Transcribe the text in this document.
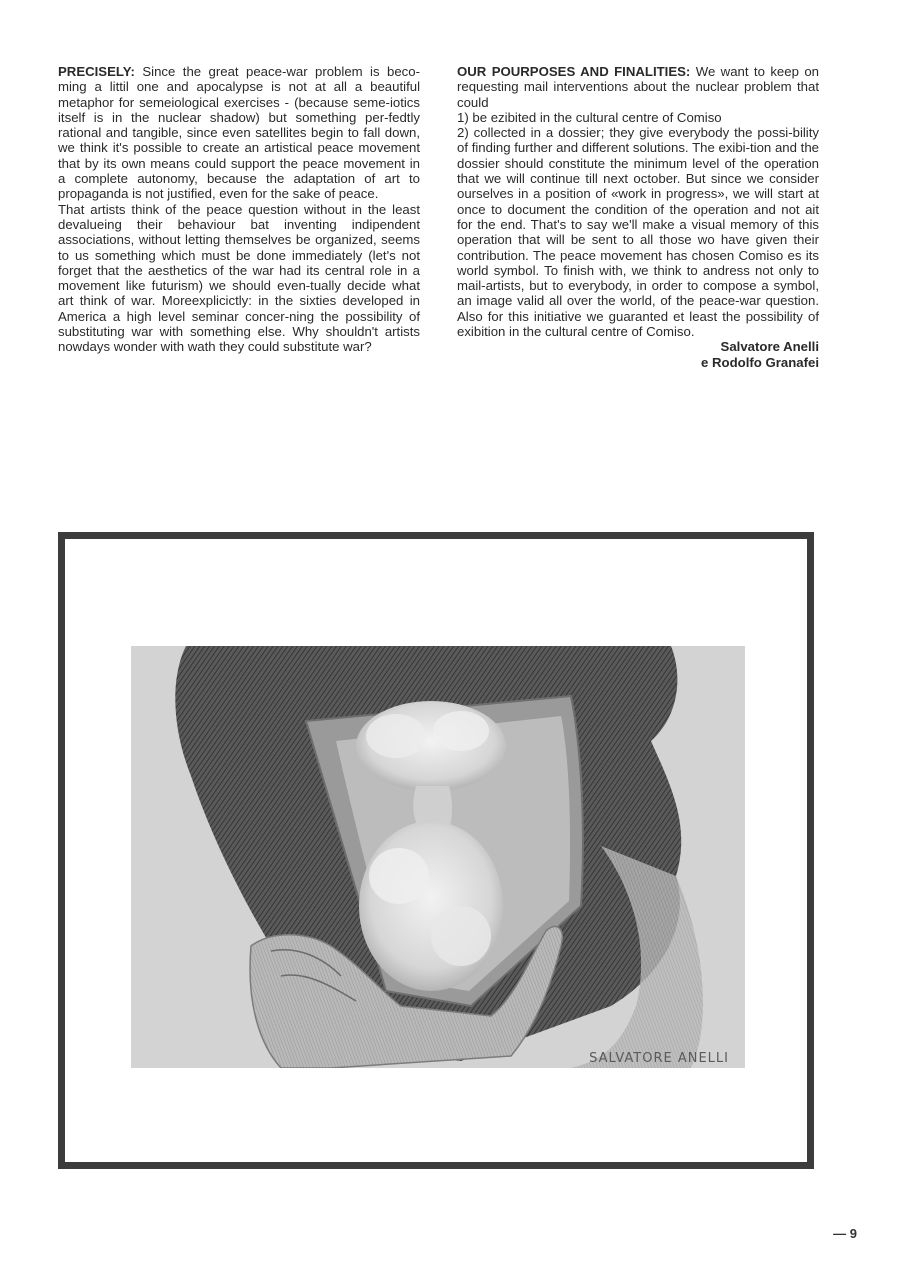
PRECISELY: Since the great peace-war problem is beco-ming a littil one and apocalypse is not at all a beautiful metaphor for semeiological exercises - (because seme-iotics itself is in the nuclear shadow) but something per-fedtly rational and tangible, since even satellites begin to fall down, we think it's possible to create an artistical peace movement that by its own means could support the peace movement in a complete autonomy, because the adaptation of art to propaganda is not justified, even for the sake of peace.

That artists think of the peace question without in the least devalueing their behaviour bat inventing indipendent associations, without letting themselves be organized, seems to us something which must be done immediately (let's not forget that the aesthetics of the war had its central role in a movement like futurism) we should even-tually decide what art think of war. Moreexplicictly: in the sixties developed in America a high level seminar concer-ning the possibility of substituting war with something else. Why shouldn't artists nowdays wonder with wath they could substitute war?

OUR POURPOSES AND FINALITIES: We want to keep on requesting mail interventions about the nuclear problem that could

1) be ezibited in the cultural centre of Comiso

2) collected in a dossier; they give everybody the possi-bility of finding further and different solutions. The exibi-tion and the dossier should constitute the minimum level of the operation that we will continue till next october. But since we consider ourselves in a position of «work in progress», we will start at once to document the condition of the operation and not ait for the end. That's to say we'll make a visual memory of this operation that will be sent to all those wo have given their contribution. The peace movement has chosen Comiso es its world symbol. To finish with, we think to andress not only to mail-artists, but to everybody, in order to compose a symbol, an image valid all over the world, of the peace-war question. Also for this initiative we guaranted et least the possibility of exibition in the cultural centre of Comiso.

Salvatore Anelli

e Rodolfo Granafei

SALVATORE ANELLI
— 9
